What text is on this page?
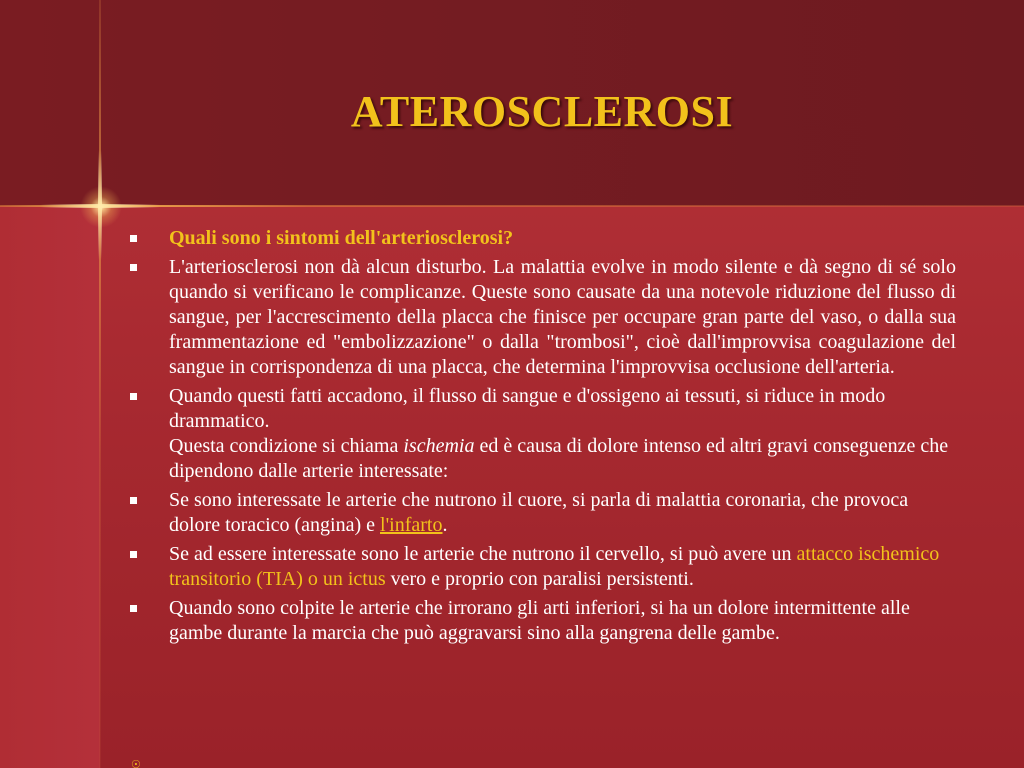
ATEROSCLEROSI
Quali sono i sintomi dell'arteriosclerosi?
L'arteriosclerosi non dà alcun disturbo. La malattia evolve in modo silente e dà segno di sé solo quando si verificano le complicanze. Queste sono causate da una notevole riduzione del flusso di sangue, per l'accrescimento della placca che finisce per occupare gran parte del vaso, o dalla sua frammentazione ed "embolizzazione" o dalla "trombosi", cioè dall'improvvisa coagulazione del sangue in corrispondenza di una placca, che determina l'improvvisa occlusione dell'arteria.
Quando questi fatti accadono, il flusso di sangue e d'ossigeno ai tessuti, si riduce in modo drammatico.
Questa condizione si chiama ischemia ed è causa di dolore intenso ed altri gravi conseguenze che dipendono dalle arterie interessate:
Se sono interessate le arterie che nutrono il cuore, si parla di malattia coronaria, che provoca dolore toracico (angina) e l'infarto.
Se ad essere interessate sono le arterie che nutrono il cervello, si può avere un attacco ischemico transitorio (TIA) o un ictus vero e proprio con paralisi persistenti.
Quando sono colpite le arterie che irrorano gli arti inferiori, si ha un dolore intermittente alle gambe durante la marcia che può aggravarsi sino alla gangrena delle gambe.
☉
